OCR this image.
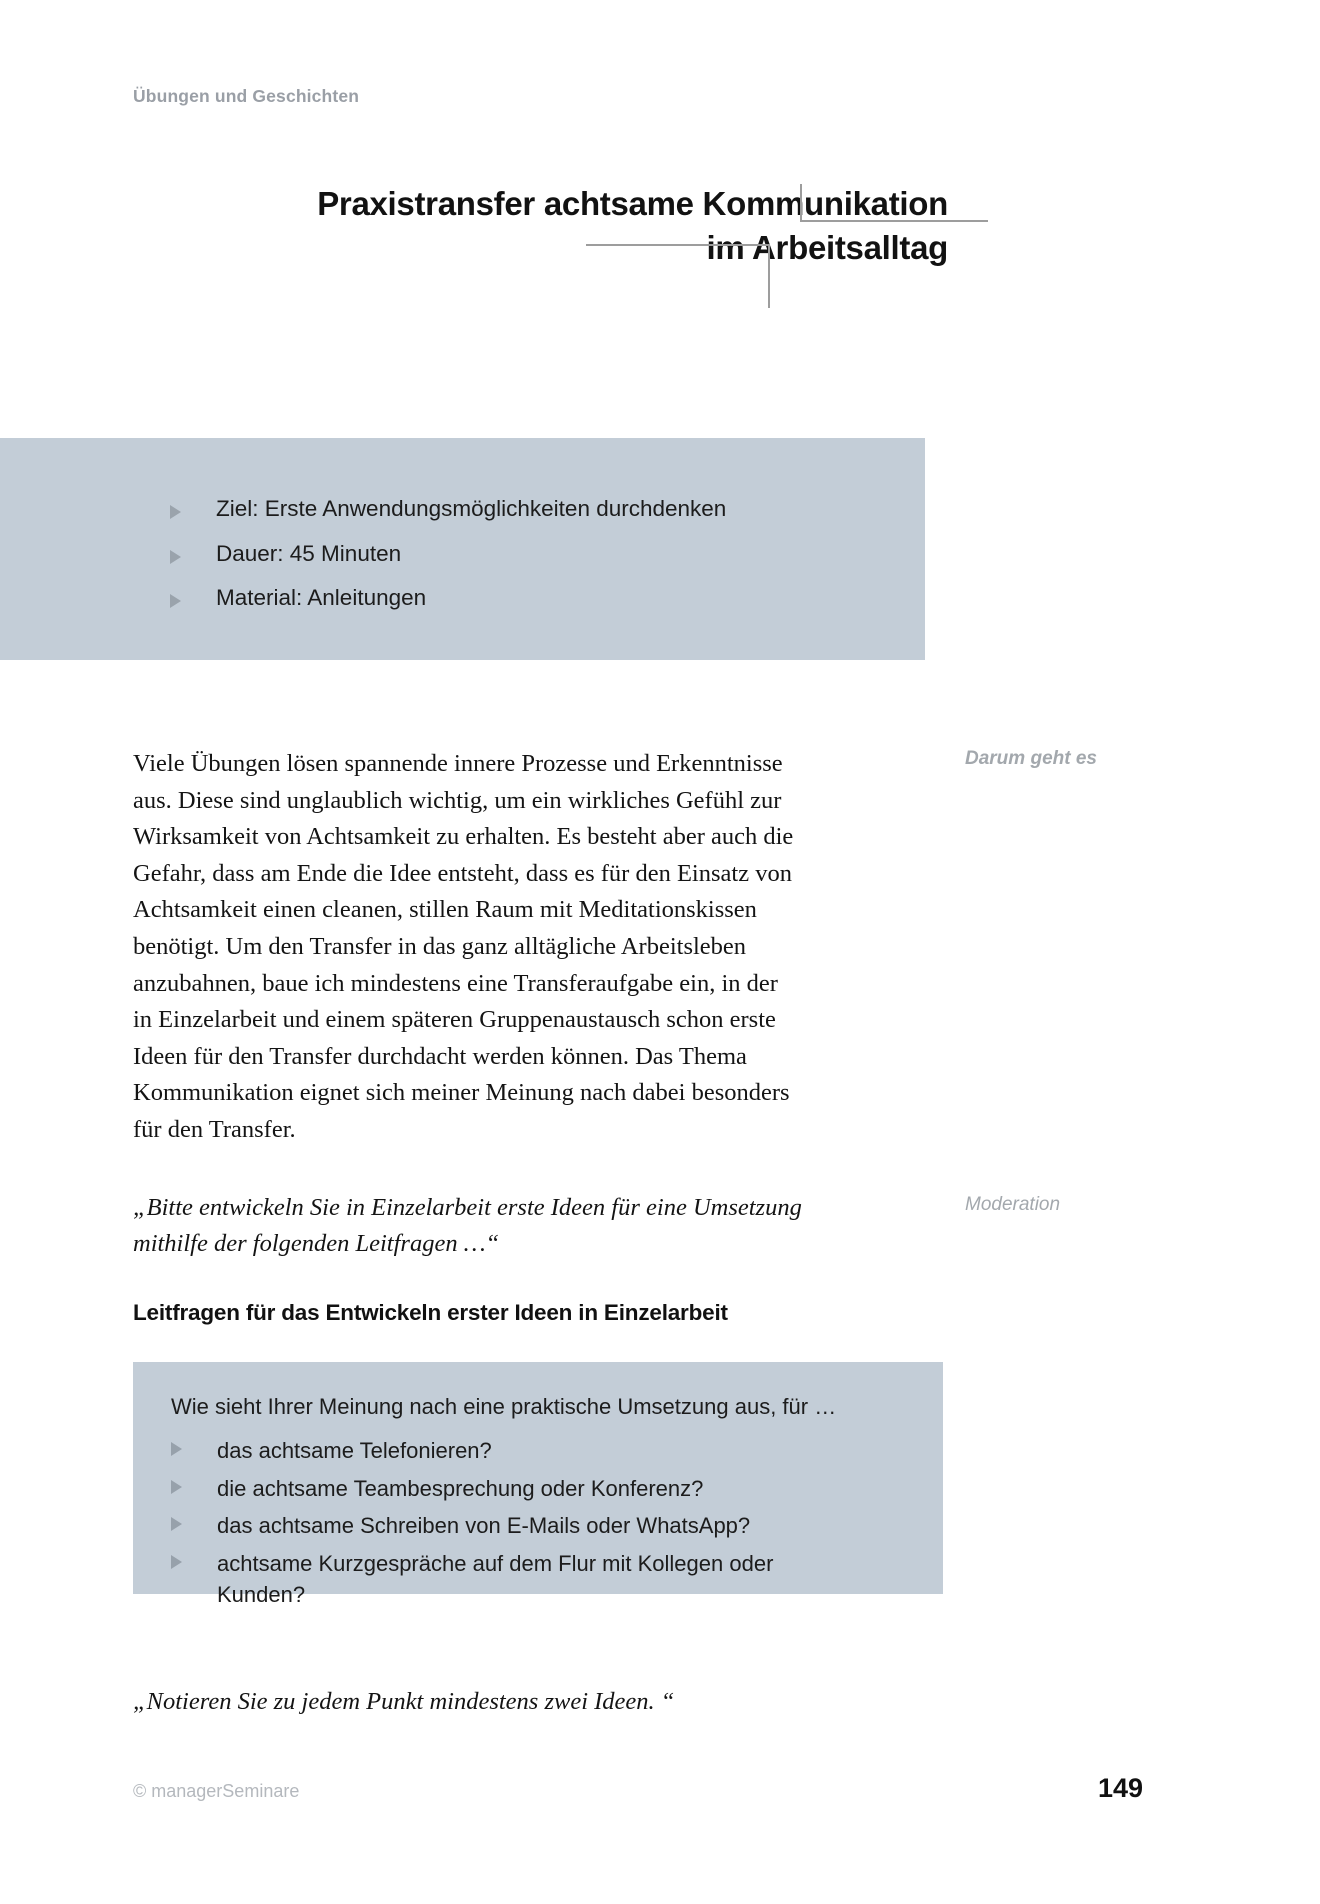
Übungen und Geschichten
Praxistransfer achtsame Kommunikation
im Arbeitsalltag
Ziel: Erste Anwendungsmöglichkeiten durchdenken
Dauer: 45 Minuten
Material: Anleitungen
Viele Übungen lösen spannende innere Prozesse und Erkenntnisse aus. Diese sind unglaublich wichtig, um ein wirkliches Gefühl zur Wirksamkeit von Achtsamkeit zu erhalten. Es besteht aber auch die Gefahr, dass am Ende die Idee entsteht, dass es für den Einsatz von Achtsamkeit einen cleanen, stillen Raum mit Meditationskissen benötigt. Um den Transfer in das ganz alltägliche Arbeitsleben anzubahnen, baue ich mindestens eine Transferaufgabe ein, in der in Einzelarbeit und einem späteren Gruppenaustausch schon erste Ideen für den Transfer durchdacht werden können. Das Thema Kommunikation eignet sich meiner Meinung nach dabei besonders für den Transfer.
Darum geht es
„Bitte entwickeln Sie in Einzelarbeit erste Ideen für eine Umsetzung mithilfe der folgenden Leitfragen …“
Moderation
Leitfragen für das Entwickeln erster Ideen in Einzelarbeit
Wie sieht Ihrer Meinung nach eine praktische Umsetzung aus, für …
das achtsame Telefonieren?
die achtsame Teambesprechung oder Konferenz?
das achtsame Schreiben von E-Mails oder WhatsApp?
achtsame Kurzgespräche auf dem Flur mit Kollegen oder Kunden?
„Notieren Sie zu jedem Punkt mindestens zwei Ideen. “
© managerSeminare	149
